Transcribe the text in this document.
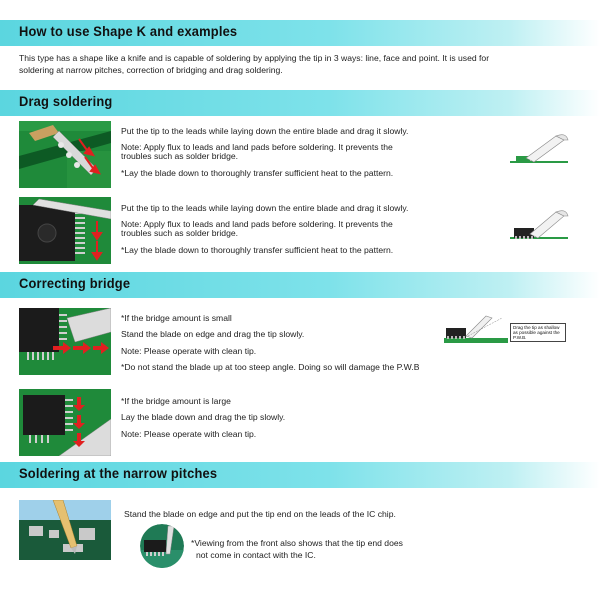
How to use Shape K and examples
This type has a shape like a knife and is capable of soldering by applying the tip in 3 ways: line, face and point. It is used for
soldering at narrow pitches, correction of bridging and drag soldering.
Drag soldering
Put the tip to the leads while laying down the entire blade and drag it slowly.
Note: Apply flux to leads and land pads before soldering. It prevents the
troubles such as solder bridge.
*Lay the blade down to thoroughly transfer sufficient heat to the pattern.
Put the tip to the leads while laying down the entire blade and drag it slowly.
Note: Apply flux to leads and land pads before soldering. It prevents the
troubles such as solder bridge.
*Lay the blade down to thoroughly transfer sufficient heat to the pattern.
Correcting bridge
*If the bridge amount is small
Stand the blade on edge and drag the tip slowly.
Note: Please operate with clean tip.
*Do not stand the blade up at too steep angle. Doing so will damage the P.W.B
Drag the tip as shallow as possible against the P.W.B.
*If the bridge amount is large
Lay the blade down and drag the tip slowly.
Note: Please operate with clean tip.
Soldering at the narrow pitches
Stand the blade on edge and put the tip end on the leads of the IC chip.
*Viewing from the front also shows that the tip end does
not come in contact with the IC.
